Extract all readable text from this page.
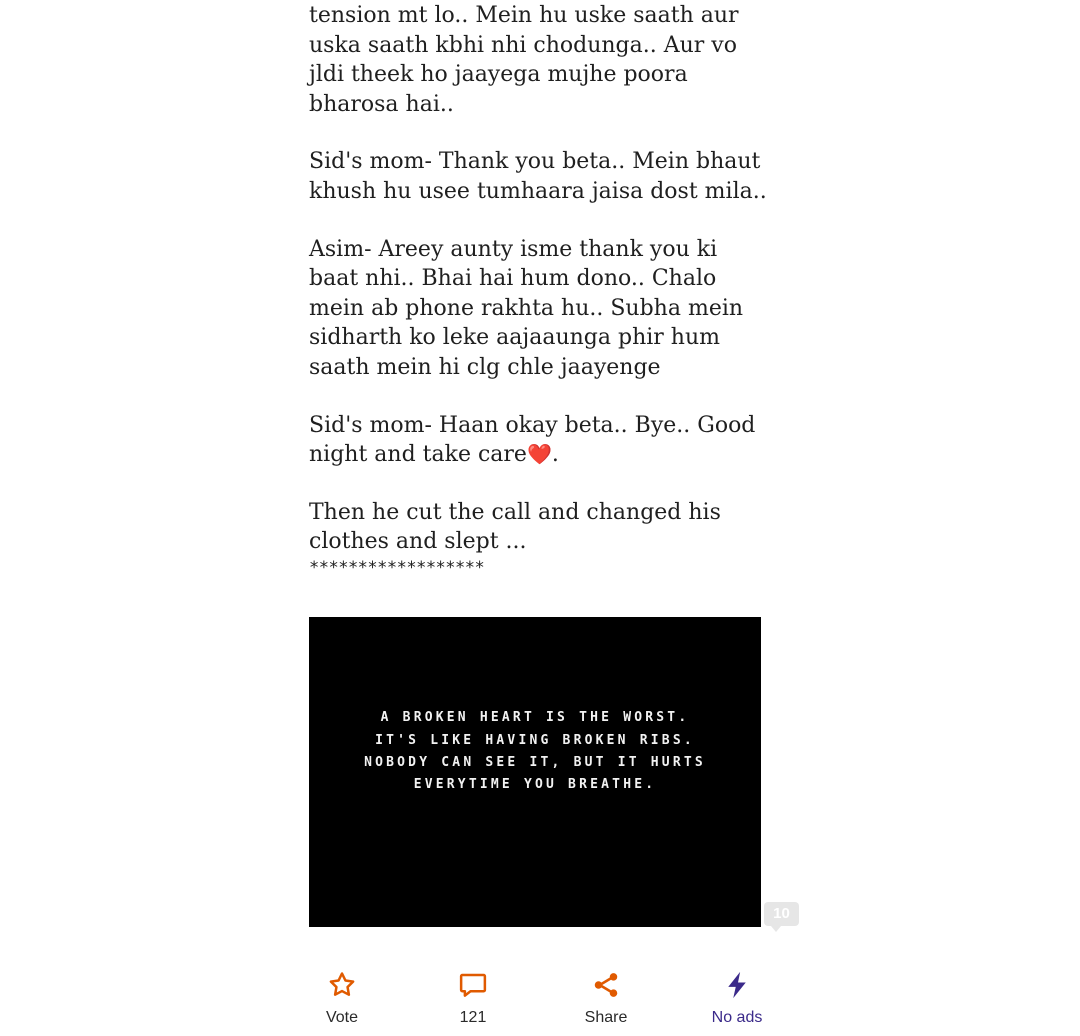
tension mt lo.. Mein hu uske saath aur uska saath kbhi nhi chodunga.. Aur vo jldi theek ho jaayega mujhe poora bharosa hai..

Sid's mom- Thank you beta.. Mein bhaut khush hu usee tumhaara jaisa dost mila..

Asim- Areey aunty isme thank you ki baat nhi.. Bhai hai hum dono.. Chalo mein ab phone rakhta hu.. Subha mein sidharth ko leke aajaaunga phir hum saath mein hi clg chle jaayenge

Sid's mom- Haan okay beta.. Bye.. Good night and take care❤️.

Then he cut the call and changed his clothes and slept ...

******************
A BROKEN HEART IS THE WORST.
IT'S LIKE HAVING BROKEN RIBS.
NOBODY CAN SEE IT, BUT IT HURTS
EVERYTIME YOU BREATHE.
10
Vote	121	Share	No ads
